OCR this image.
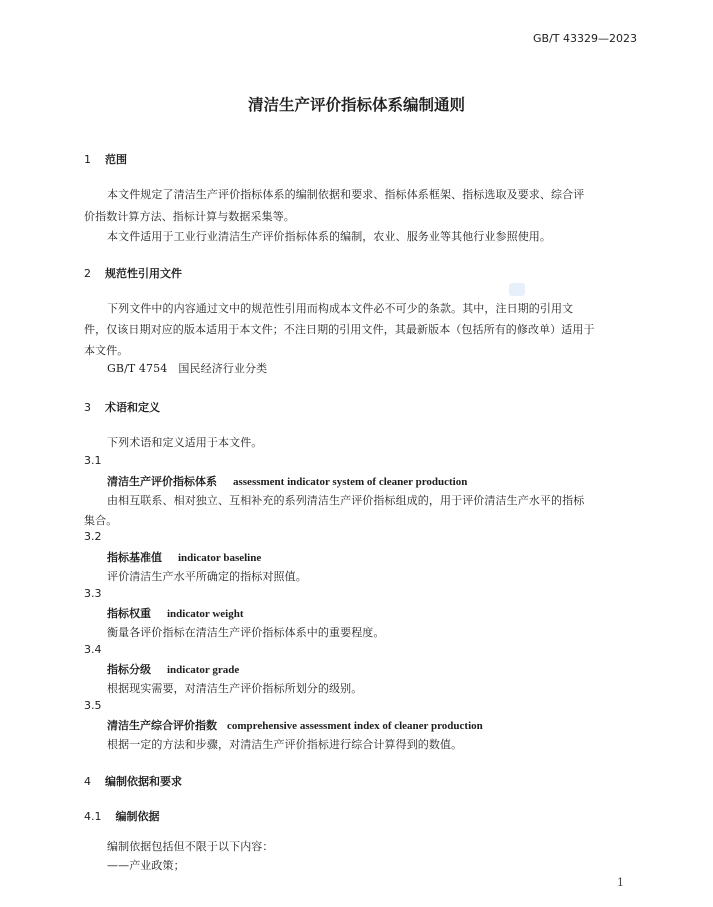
GB/T 43329—2023
清洁生产评价指标体系编制通则
1 范围
本文件规定了清洁生产评价指标体系的编制依据和要求、指标体系框架、指标选取及要求、综合评
价指数计算方法、指标计算与数据采集等。
本文件适用于工业行业清洁生产评价指标体系的编制，农业、服务业等其他行业参照使用。
2 规范性引用文件
下列文件中的内容通过文中的规范性引用而构成本文件必不可少的条款。其中，注日期的引用文
件，仅该日期对应的版本适用于本文件；不注日期的引用文件，其最新版本（包括所有的修改单）适用于
本文件。
GB/T 4754　国民经济行业分类
3 术语和定义
下列术语和定义适用于本文件。
3.1
清洁生产评价指标体系 assessment indicator system of cleaner production
由相互联系、相对独立、互相补充的系列清洁生产评价指标组成的，用于评价清洁生产水平的指标
集合。
3.2
指标基准值 indicator baseline
评价清洁生产水平所确定的指标对照值。
3.3
指标权重 indicator weight
衡量各评价指标在清洁生产评价指标体系中的重要程度。
3.4
指标分级 indicator grade
根据现实需要，对清洁生产评价指标所划分的级别。
3.5
清洁生产综合评价指数 comprehensive assessment index of cleaner production
根据一定的方法和步骤，对清洁生产评价指标进行综合计算得到的数值。
4 编制依据和要求
4.1 编制依据
编制依据包括但不限于以下内容：
——产业政策；
1
